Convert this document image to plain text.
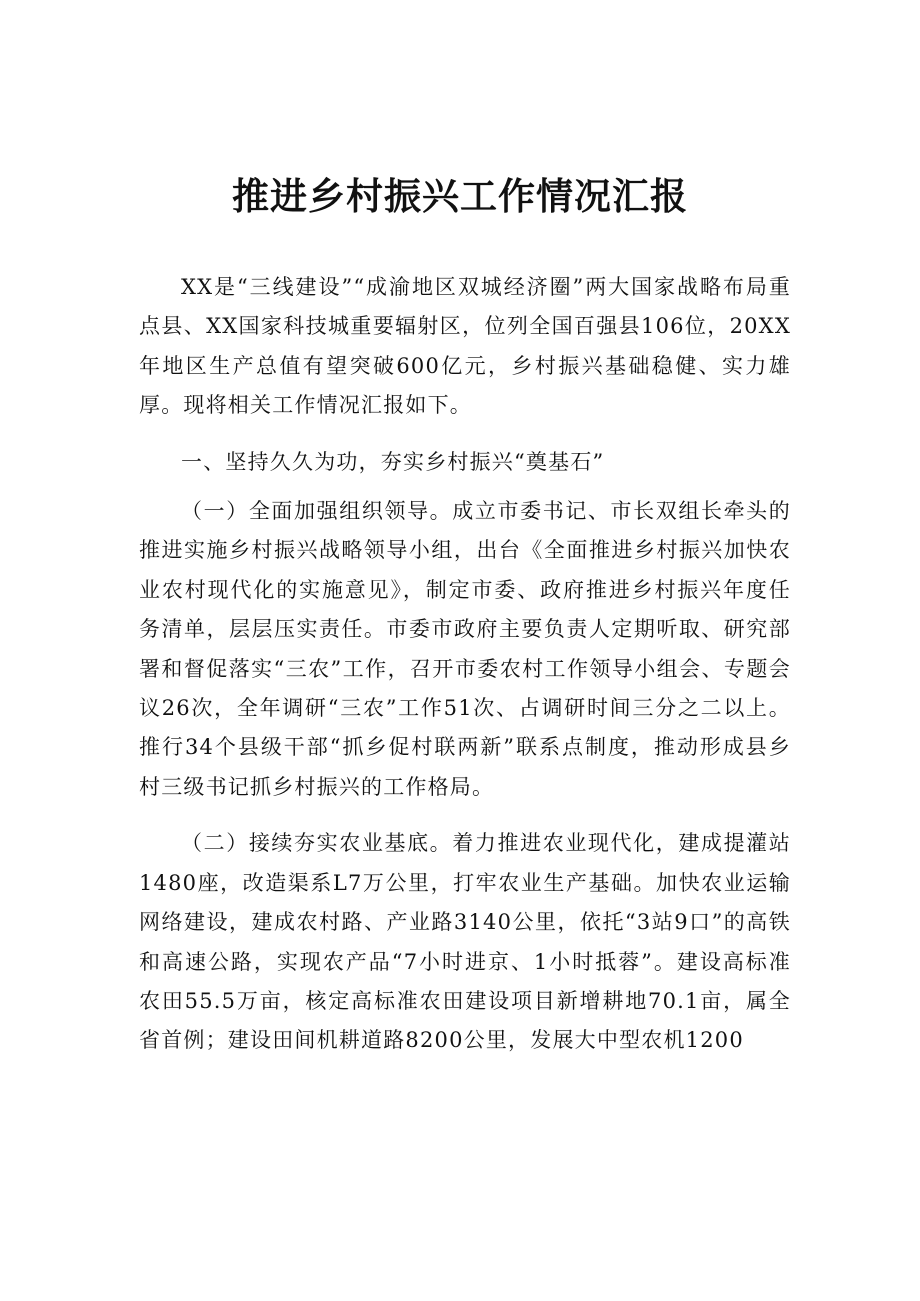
推进乡村振兴工作情况汇报

XX是“三线建设”“成渝地区双城经济圈”两大国家战略布局重点县、XX国家科技城重要辐射区，位列全国百强县106位，20XX年地区生产总值有望突破600亿元，乡村振兴基础稳健、实力雄厚。现将相关工作情况汇报如下。

一、坚持久久为功，夯实乡村振兴“奠基石”

（一）全面加强组织领导。成立市委书记、市长双组长牵头的推进实施乡村振兴战略领导小组，出台《全面推进乡村振兴加快农业农村现代化的实施意见》，制定市委、政府推进乡村振兴年度任务清单，层层压实责任。市委市政府主要负责人定期听取、研究部署和督促落实“三农”工作，召开市委农村工作领导小组会、专题会议26次，全年调研“三农”工作51次、占调研时间三分之二以上。推行34个县级干部“抓乡促村联两新”联系点制度，推动形成县乡村三级书记抓乡村振兴的工作格局。

（二）接续夯实农业基底。着力推进农业现代化，建成提灌站1480座，改造渠系L7万公里，打牢农业生产基础。加快农业运输网络建设，建成农村路、产业路3140公里，依托“3站9口”的高铁和高速公路，实现农产品“7小时进京、1小时抵蓉”。建设高标准农田55.5万亩，核定高标准农田建设项目新增耕地70.1亩，属全省首例；建设田间机耕道路8200公里，发展大中型农机1200
